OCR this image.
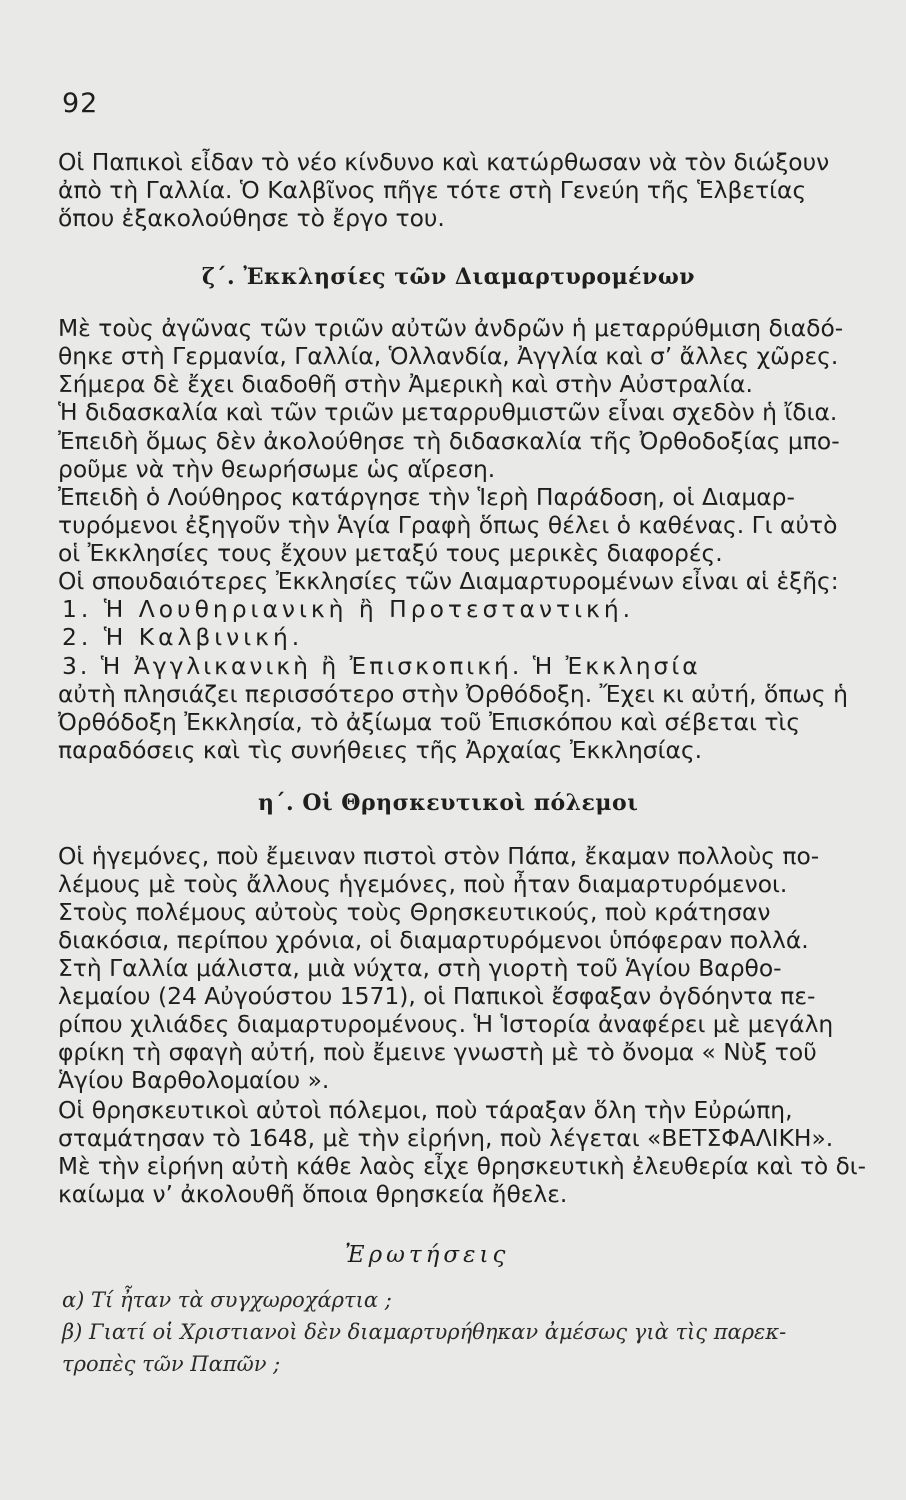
92
Οἱ Παπικοὶ εἶδαν τὸ νέο κίνδυνο καὶ κατώρθωσαν νὰ τὸν διώξουν
ἀπὸ τὴ Γαλλία. Ὁ Καλβῖνος πῆγε τότε στὴ Γενεύη τῆς Ἑλβετίας
ὅπου ἐξακολούθησε τὸ ἔργο του.
ζ΄. Ἐκκλησίες τῶν Διαμαρτυρομένων
Μὲ τοὺς ἀγῶνας τῶν τριῶν αὐτῶν ἀνδρῶν ἡ μεταρρύθμιση διαδό-
θηκε στὴ Γερμανία, Γαλλία, Ὁλλανδία, Ἀγγλία καὶ σ’ ἄλλες χῶρες.
Σήμερα δὲ ἔχει διαδοθῆ στὴν Ἀμερικὴ καὶ στὴν Αὐστραλία.
Ἡ διδασκαλία καὶ τῶν τριῶν μεταρρυθμιστῶν εἶναι σχεδὸν ἡ ἴδια.
Ἐπειδὴ ὅμως δὲν ἀκολούθησε τὴ διδασκαλία τῆς Ὀρθοδοξίας μπο-
ροῦμε νὰ τὴν θεωρήσωμε ὡς αἵρεση.
Ἐπειδὴ ὁ Λούθηρος κατάργησε τὴν Ἱερὴ Παράδοση, οἱ Διαμαρ-
τυρόμενοι ἐξηγοῦν τὴν Ἁγία Γραφὴ ὅπως θέλει ὁ καθένας. Γι αὐτὸ
οἱ Ἐκκλησίες τους ἔχουν μεταξύ τους μερικὲς διαφορές.
Οἱ σπουδαιότερες Ἐκκλησίες τῶν Διαμαρτυρομένων εἶναι αἱ ἑξῆς:
1. Ἡ Λουθηριανικὴ ἢ Προτεσταντική.
2. Ἡ Καλβινική.
3. Ἡ Ἀγγλικανικὴ ἢ Ἐπισκοπική. Ἡ Ἐκκλησία
αὐτὴ πλησιάζει περισσότερο στὴν Ὀρθόδοξη. Ἔχει κι αὐτή, ὅπως ἡ
Ὀρθόδοξη Ἐκκλησία, τὸ ἀξίωμα τοῦ Ἐπισκόπου καὶ σέβεται τὶς
παραδόσεις καὶ τὶς συνήθειες τῆς Ἀρχαίας Ἐκκλησίας.
η΄. Οἱ Θρησκευτικοὶ πόλεμοι
Οἱ ἡγεμόνες, ποὺ ἔμειναν πιστοὶ στὸν Πάπα, ἔκαμαν πολλοὺς πο-
λέμους μὲ τοὺς ἄλλους ἡγεμόνες, ποὺ ἦταν διαμαρτυρόμενοι.
Στοὺς πολέμους αὐτοὺς τοὺς Θρησκευτικούς, ποὺ κράτησαν
διακόσια, περίπου χρόνια, οἱ διαμαρτυρόμενοι ὑπόφεραν πολλά.
Στὴ Γαλλία μάλιστα, μιὰ νύχτα, στὴ γιορτὴ τοῦ Ἁγίου Βαρθο-
λεμαίου (24 Αὐγούστου 1571), οἱ Παπικοὶ ἔσφαξαν ὀγδόηντα πε-
ρίπου χιλιάδες διαμαρτυρομένους. Ἡ Ἱστορία ἀναφέρει μὲ μεγάλη
φρίκη τὴ σφαγὴ αὐτή, ποὺ ἔμεινε γνωστὴ μὲ τὸ ὄνομα « Νὺξ τοῦ
Ἁγίου Βαρθολομαίου ».
Οἱ θρησκευτικοὶ αὐτοὶ πόλεμοι, ποὺ τάραξαν ὅλη τὴν Εὐρώπη,
σταμάτησαν τὸ 1648, μὲ τὴν εἰρήνη, ποὺ λέγεται «ΒΕΤΣΦΑΛΙΚΗ».
Μὲ τὴν εἰρήνη αὐτὴ κάθε λαὸς εἶχε θρησκευτικὴ ἐλευθερία καὶ τὸ δι-
καίωμα ν’ ἀκολουθῆ ὅποια θρησκεία ἤθελε.
Ἐρωτήσεις
α) Τί ἦταν τὰ συγχωροχάρτια ;
β) Γιατί οἱ Χριστιανοὶ δὲν διαμαρτυρήθηκαν ἀμέσως γιὰ τὶς παρεκ-
τροπὲς τῶν Παπῶν ;
